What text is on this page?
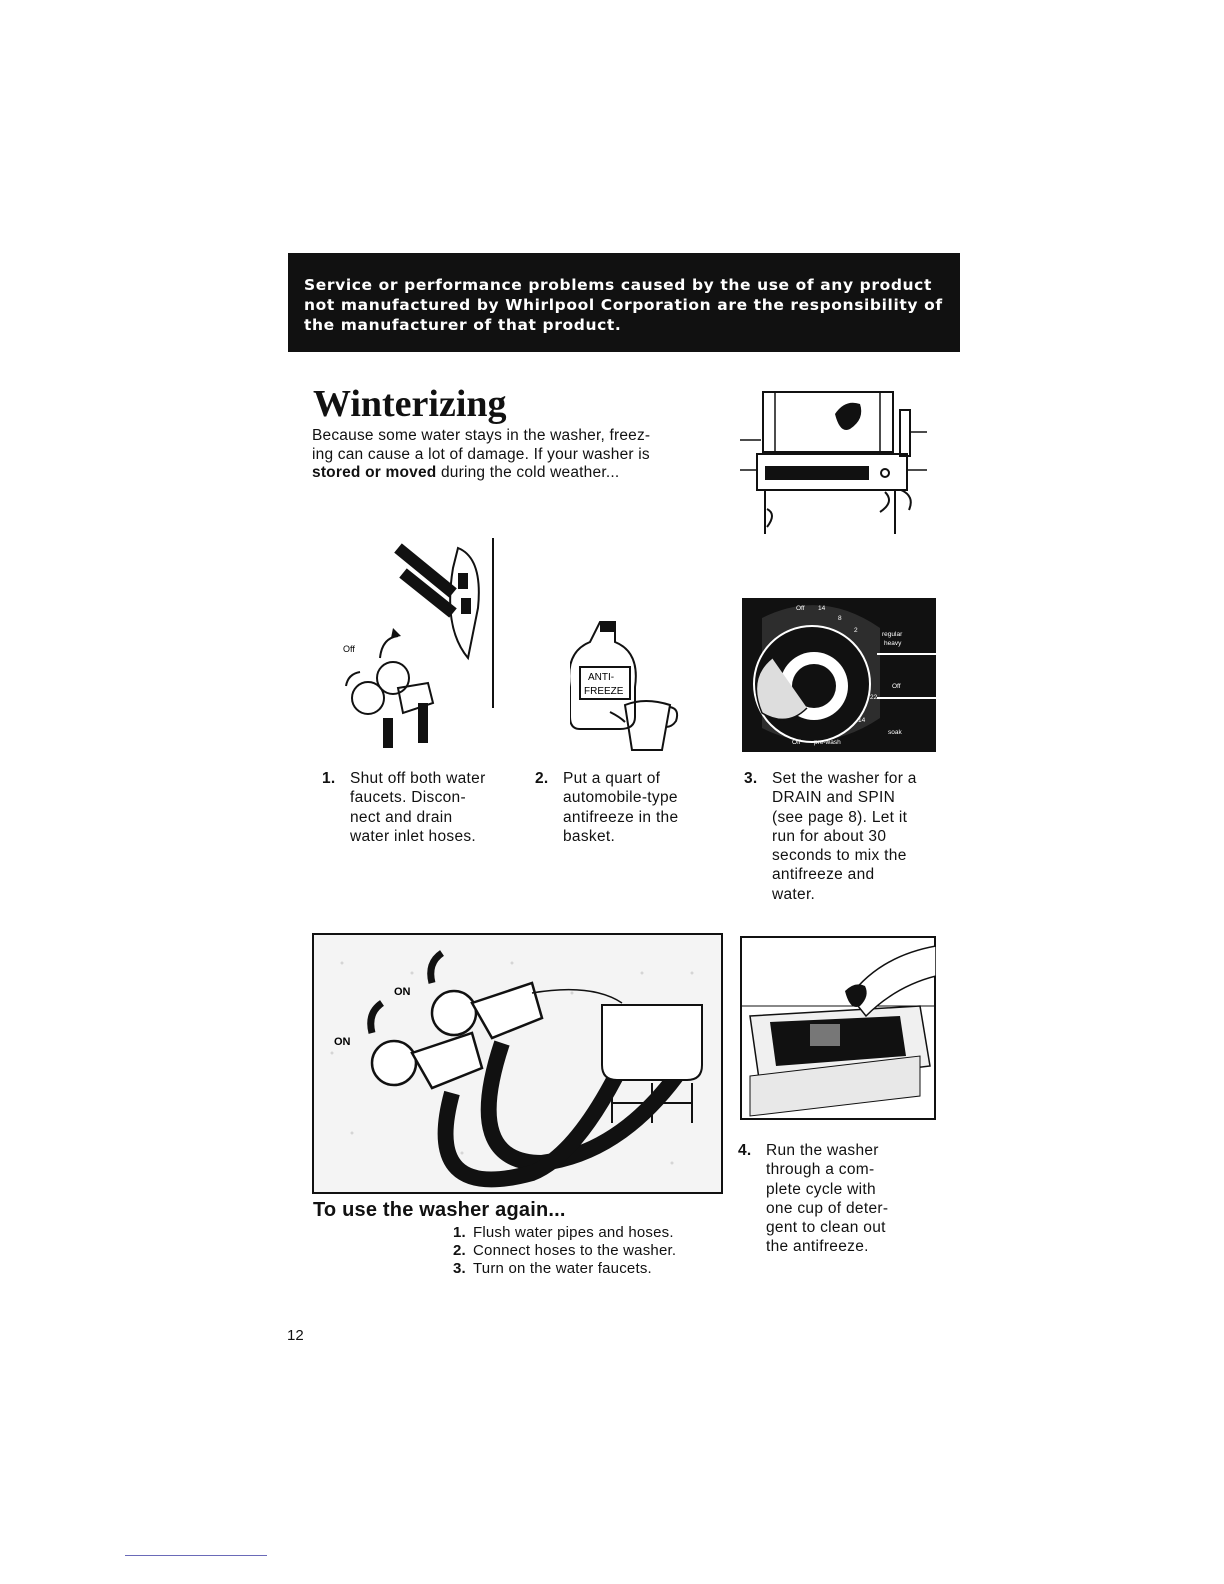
Service or performance problems caused by the use of any product
not manufactured by Whirlpool Corporation are the responsibility of
the manufacturer of that product.
Winterizing
Because some water stays in the washer, freez-
ing can cause a lot of damage. If your washer is
stored or moved during the cold weather...
Off
ANTI-
FREEZE
Off 14
8
2
regular
heavy
22
Off
14
soak
Off pre-wash
ON
ON
1. Shut off both water
faucets. Discon-
nect and drain
water inlet hoses.
2. Put a quart of
automobile-type
antifreeze in the
basket.
3. Set the washer for a
DRAIN and SPIN
(see page 8). Let it
run for about 30
seconds to mix the
antifreeze and
water.
4. Run the washer
through a com-
plete cycle with
one cup of deter-
gent to clean out
the antifreeze.
To use the washer again...
1. Flush water pipes and hoses.
2. Connect hoses to the washer.
3. Turn on the water faucets.
12
